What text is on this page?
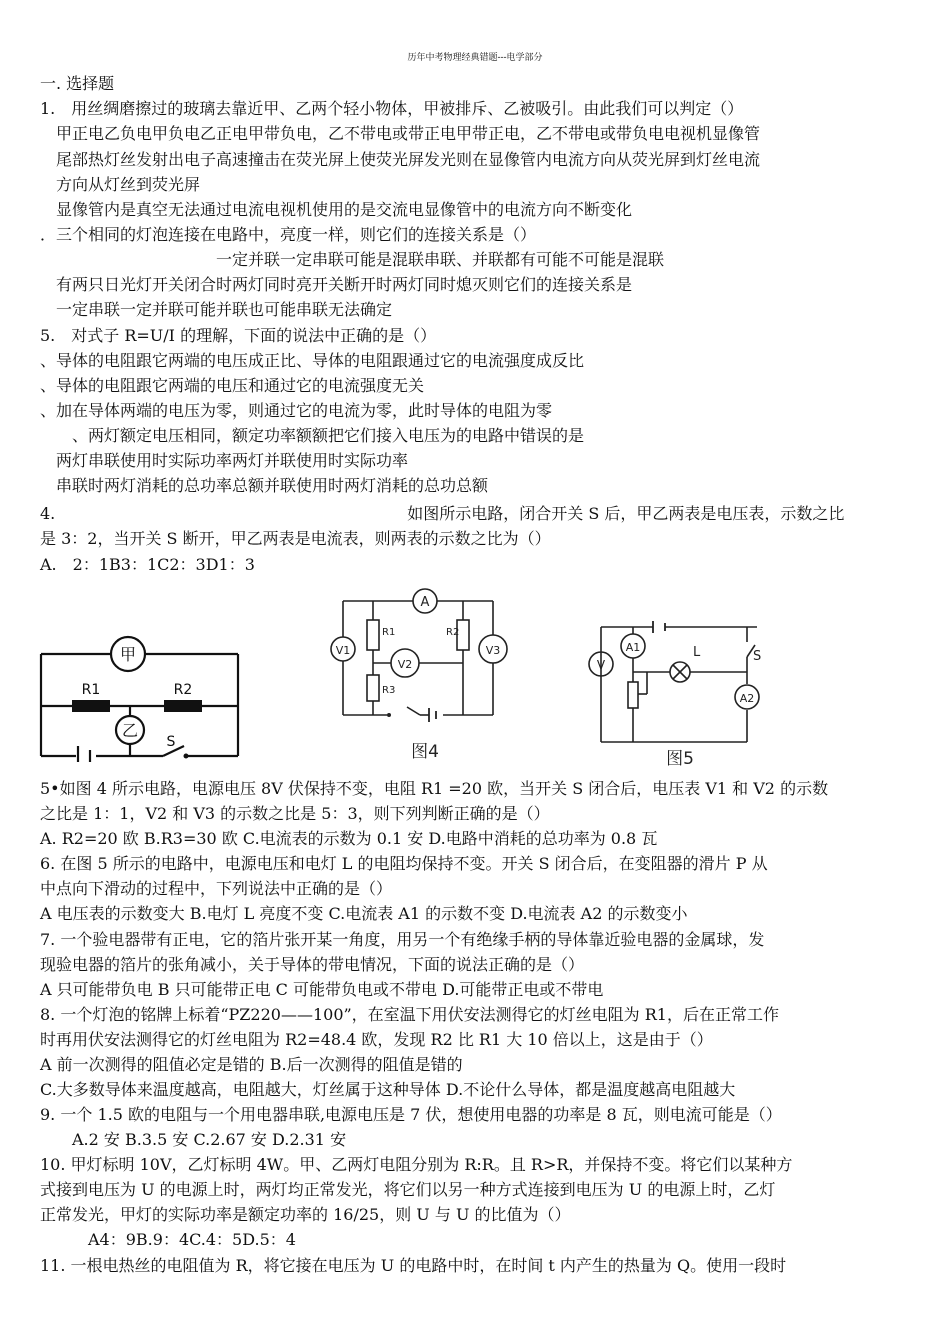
历年中考物理经典错题---电学部分
一. 选择题
1.　用丝绸磨擦过的玻璃去靠近甲、乙两个轻小物体，甲被排斥、乙被吸引。由此我们可以判定（）
　甲正电乙负电甲负电乙正电甲带负电，乙不带电或带正电甲带正电，乙不带电或带负电电视机显像管
　尾部热灯丝发射出电子高速撞击在荧光屏上使荧光屏发光则在显像管内电流方向从荧光屏到灯丝电流
　方向从灯丝到荧光屏
　显像管内是真空无法通过电流电视机使用的是交流电显像管中的电流方向不断变化
．三个相同的灯泡连接在电路中，亮度一样，则它们的连接关系是（）
　　　　　　　　　　　一定并联一定串联可能是混联串联、并联都有可能不可能是混联
　有两只日光灯开关闭合时两灯同时亮开关断开时两灯同时熄灭则它们的连接关系是
　一定串联一定并联可能并联也可能串联无法确定
5.　对式子 R=U/I 的理解，下面的说法中正确的是（）
、导体的电阻跟它两端的电压成正比、导体的电阻跟通过它的电流强度成反比
、导体的电阻跟它两端的电压和通过它的电流强度无关
、加在导体两端的电压为零，则通过它的电流为零，此时导体的电阻为零
　　、两灯额定电压相同，额定功率额额把它们接入电压为的电路中错误的是
　两灯串联使用时实际功率两灯并联使用时实际功率
　串联时两灯消耗的总功率总额并联使用时两灯消耗的总功总额
4.　　　　　　　　　　　　　　　　　　　　　　如图所示电路，闭合开关 S 后，甲乙两表是电压表，示数之比
是 3：2，当开关 S 断开，甲乙两表是电流表，则两表的示数之比为（）
A.　2：1B3：1C2：3D1：3
甲
乙
R1	R2
S
A
V1	V3
V2
R1	R2
R3
图4
V
A1
A2
L	S
图5
5•如图 4 所示电路，电源电压 8V 伏保持不变，电阻 R1 =20 欧，当开关 S 闭合后，电压表 V1 和 V2 的示数
之比是 1：1，V2 和 V3 的示数之比是 5：3，则下列判断正确的是（）
A. R2=20 欧 B.R3=30 欧 C.电流表的示数为 0.1 安 D.电路中消耗的总功率为 0.8 瓦
6. 在图 5 所示的电路中，电源电压和电灯 L 的电阻均保持不变。开关 S 闭合后，在变阻器的滑片 P 从
中点向下滑动的过程中，下列说法中正确的是（）
A 电压表的示数变大 B.电灯 L 亮度不变 C.电流表 A1 的示数不变 D.电流表 A2 的示数变小
7. 一个验电器带有正电，它的箔片张开某一角度，用另一个有绝缘手柄的导体靠近验电器的金属球，发
现验电器的箔片的张角减小，关于导体的带电情况，下面的说法正确的是（）
A 只可能带负电 B 只可能带正电 C 可能带负电或不带电 D.可能带正电或不带电
8. 一个灯泡的铭牌上标着“PZ220——100”，在室温下用伏安法测得它的灯丝电阻为 R1，后在正常工作
时再用伏安法测得它的灯丝电阻为 R2=48.4 欧，发现 R2 比 R1 大 10 倍以上，这是由于（）
A 前一次测得的阻值必定是错的 B.后一次测得的阻值是错的
C.大多数导体来温度越高，电阻越大，灯丝属于这种导体 D.不论什么导体，都是温度越高电阻越大
9. 一个 1.5 欧的电阻与一个用电器串联,电源电压是 7 伏，想使用电器的功率是 8 瓦，则电流可能是（）
　　A.2 安 B.3.5 安 C.2.67 安 D.2.31 安
10. 甲灯标明 10V，乙灯标明 4W。甲、乙两灯电阻分别为 R:R。且 R>R，并保持不变。将它们以某种方
式接到电压为 U 的电源上时，两灯均正常发光，将它们以另一种方式连接到电压为 U 的电源上时，乙灯
正常发光，甲灯的实际功率是额定功率的 16/25，则 U 与 U 的比值为（）
　　　A4：9B.9：4C.4：5D.5：4
11. 一根电热丝的电阻值为 R，将它接在电压为 U 的电路中时，在时间 t 内产生的热量为 Q。使用一段时
